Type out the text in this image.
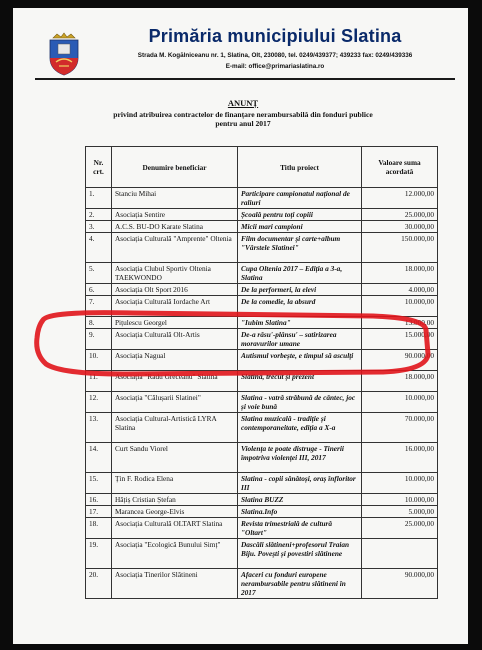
Primăria municipiului Slatina
Strada M. Kogălniceanu nr. 1, Slatina, Olt, 230080, tel. 0249/439377; 439233 fax: 0249/439336
E-mail: office@primariaslatina.ro
ANUNȚ
privind atribuirea contractelor de finanțare nerambursabilă din fonduri publice
pentru anul 2017
Nr. crt.	Denumire beneficiar	Titlu proiect	Valoare suma acordată
1.	Stanciu Mihai	Participare campionatul național de raliuri	12.000,00
2.	Asociația Sentire	Școală pentru toți copiii	25.000,00
3.	A.C.S. BU-DO Karate Slatina	Micii mari campioni	30.000,00
4.	Asociația Culturală "Amprente" Oltenia	Film documentar și carte+album "Vârstele Slatinei"	150.000,00
5.	Asociația Clubul Sportiv Oltenia TAEKWONDO	Cupa Oltenia 2017 – Ediția a 3-a, Slatina	18.000,00
6.	Asociația Olt Sport 2016	De la performeri, la elevi	4.000,00
7.	Asociația Culturală Iordache Art	De la comedie, la absurd	10.000,00
8.	Pițulescu Georgel	"Iubim Slatina"	13.000,00
9.	Asociația Culturală Olt-Artis	De-a râsu'-plânsu' – satirizarea moravurilor umane	15.000,00
10.	Asociația Nagual	Autismul vorbește, e timpul să asculți	90.000,00
11.	Asociația "Radu Greceanu" Slatina	Slatina, trecut și prezent	18.000,00
12.	Asociația "Călușarii Slatinei"	Slatina - vatră străbună de cântec, joc și voie bună	10.000,00
13.	Asociația Cultural-Artistică LYRA Slatina	Slatina muzicală - tradiție și contemporaneitate, ediția a X-a	70.000,00
14.	Curt Sandu Viorel	Violența te poate distruge - Tinerii împotriva violenței III, 2017	16.000,00
15.	Țin F. Rodica Elena	Slatina - copii sănătoși, oraș înfloritor III	10.000,00
16.	Hâțiș Cristian Ștefan	Slatina BUZZ	10.000,00
17.	Marancea George-Elvis	Slatina.Info	5.000,00
18.	Asociația Culturală OLTART Slatina	Revista trimestrială de cultură "Oltart"	25.000,00
19.	Asociația "Ecologică Bunului Simț"	Dascăli slătineni+profesorul Traian Biju. Povești și povestiri slătinene	
20.	Asociația Tinerilor Slătineni	Afaceri cu fonduri europene nerambursabile pentru slătineni în 2017	90.000,00
